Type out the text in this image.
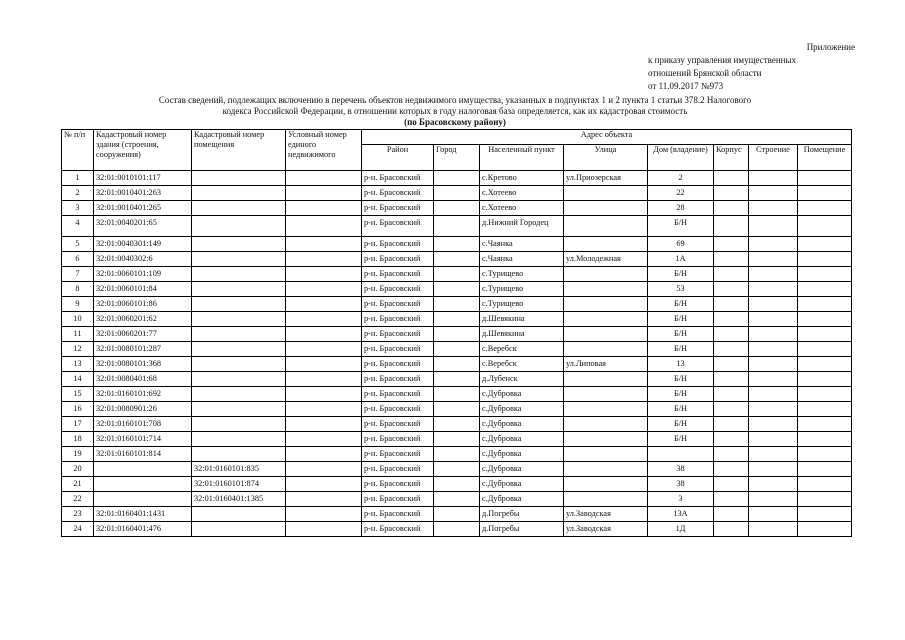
Приложение
к приказу управления имущественных
отношений Брянской области
от 11.09.2017 №973
Состав сведений, подлежащих включению в перечень объектов недвижимого имущества, указанных в подпунктах 1 и 2 пункта 1 статьи 378.2 Налогового
кодекса Российской Федерации, в отношении которых в году налоговая база определяется, как их кадастровая стоимость
(по Брасовскому району)
№ п/п	Кадастровый номер здания (строения, сооружения)	Кадастровый номер помещения	Условный номер единого недвижимого	Адрес объекта							
				Район	Город	Населенный пункт	Улица	Дом (владение)	Корпус	Строение	Помещение
1	32:01:0010101:117			р-н. Брасовский		с.Кретово	ул.Приозерская	2			
2	32:01:0010401:263			р-н. Брасовский		с.Хотеево		22			
3	32:01:0010401:265			р-н. Брасовский		с.Хотеево		28			
4	32:01:0040201:65			р-н. Брасовский		д.Нижний Городец		Б/Н			
5	32:01:0040301:149			р-н. Брасовский		с.Чаянка		69			
6	32:01:0040302:6			р-н. Брасовский		с.Чаянка	ул.Молодежная	1А			
7	32:01:0060101:109			р-н. Брасовский		с.Турищево		Б/Н			
8	32:01:0060101:84			р-н. Брасовский		с.Турищево		53			
9	32:01:0060101:86			р-н. Брасовский		с.Турищево		Б/Н			
10	32:01:0060201:62			р-н. Брасовский		д.Шевякина		Б/Н			
11	32:01:0060201:77			р-н. Брасовский		д.Шевякина		Б/Н			
12	32:01:0080101:287			р-н. Брасовский		с.Веребск		Б/Н			
13	32:01:0080101:368			р-н. Брасовский		с.Веребск	ул.Липовая	13			
14	32:01:0080401:68			р-н. Брасовский		д.Лубенск		Б/Н			
15	32:01:0160101:692			р-н. Брасовский		с.Дубровка		Б/Н			
16	32:01:0080901:26			р-н. Брасовский		с.Дубровка		Б/Н			
17	32:01:0160101:708			р-н. Брасовский		с.Дубровка		Б/Н			
18	32:01:0160101:714			р-н. Брасовский		с.Дубровка		Б/Н			
19	32:01:0160101:814			р-н. Брасовский		с.Дубровка					
20		32:01:0160101:835		р-н. Брасовский		с.Дубровка		38			
21		32:01:0160101:874		р-н. Брасовский		с.Дубровка		38			
22		32:01:0160401:1385		р-н. Брасовский		с.Дубровка		3			
23	32:01:0160401:1431			р-н. Брасовский		д.Погребы	ул.Заводская	13А			
24	32:01:0160401:476			р-н. Брасовский		д.Погребы	ул.Заводская	1Д			
